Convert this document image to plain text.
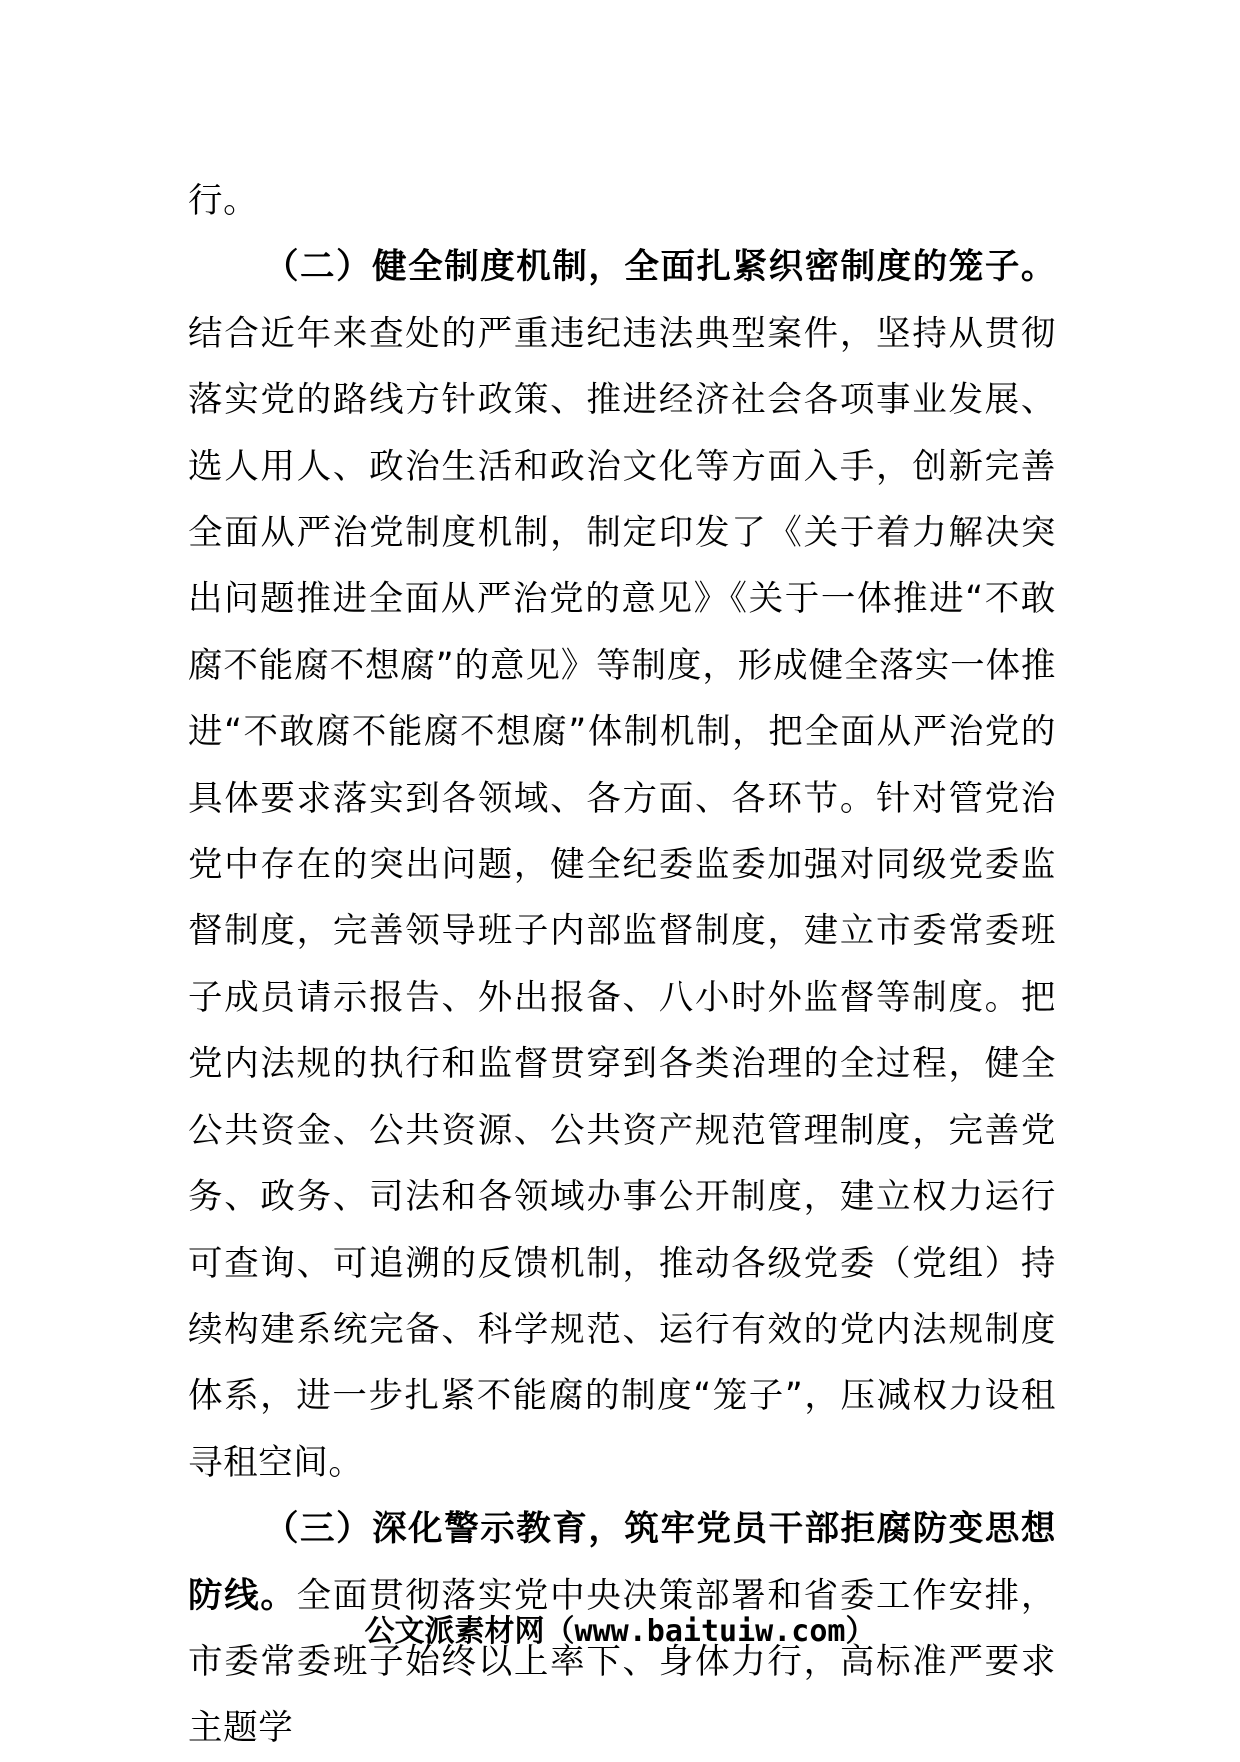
行。

（二）健全制度机制，全面扎紧织密制度的笼子。结合近年来查处的严重违纪违法典型案件，坚持从贯彻落实党的路线方针政策、推进经济社会各项事业发展、选人用人、政治生活和政治文化等方面入手，创新完善全面从严治党制度机制，制定印发了《关于着力解决突出问题推进全面从严治党的意见》《关于一体推进“不敢腐不能腐不想腐”的意见》等制度，形成健全落实一体推进“不敢腐不能腐不想腐”体制机制，把全面从严治党的具体要求落实到各领域、各方面、各环节。针对管党治党中存在的突出问题，健全纪委监委加强对同级党委监督制度，完善领导班子内部监督制度，建立市委常委班子成员请示报告、外出报备、八小时外监督等制度。把党内法规的执行和监督贯穿到各类治理的全过程，健全公共资金、公共资源、公共资产规范管理制度，完善党务、政务、司法和各领域办事公开制度，建立权力运行可查询、可追溯的反馈机制，推动各级党委（党组）持续构建系统完备、科学规范、运行有效的党内法规制度体系，进一步扎紧不能腐的制度“笼子”，压减权力设租寻租空间。

（三）深化警示教育，筑牢党员干部拒腐防变思想防线。全面贯彻落实党中央决策部署和省委工作安排，市委常委班子始终以上率下、身体力行，高标准严要求主题学

公文派素材网（www.baituiw.com）
